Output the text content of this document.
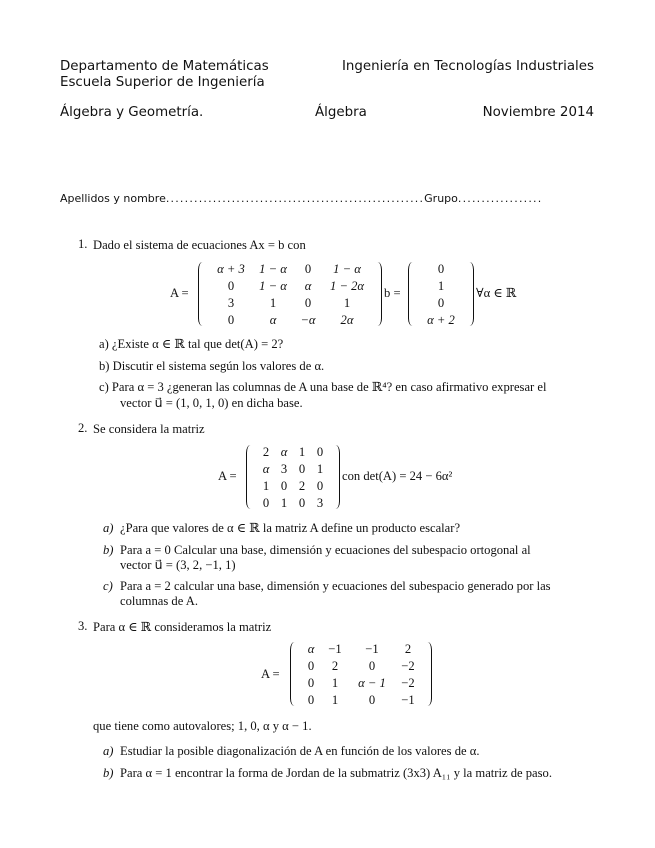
Departamento de Matemáticas	Ingeniería en Tecnologías Industriales
Escuela Superior de Ingeniería
Álgebra y Geometría.	Álgebra	Noviembre 2014
Apellidos y nombre.......................................................Grupo..................
1. Dado el sistema de ecuaciones Ax = b con
A =
α + 3	1 − α	0	1 − α
0	1 − α	α	1 − 2α
3	1	0	1
0	α	−α	2α
b =
0
1
0
α + 2
∀α ∈ ℝ
a) ¿Existe α ∈ ℝ tal que det(A) = 2?
b) Discutir el sistema según los valores de α.
c) Para α = 3 ¿generan las columnas de A una base de ℝ⁴? en caso afirmativo expresar el
vector u⃗ = (1, 0, 1, 0) en dicha base.
2. Se considera la matriz
A =
2 α 1 0
α 3 0 1
1 0 2 0
0 1 0 3
con det(A) = 24 − 6α²
a) ¿Para que valores de α ∈ ℝ la matriz A define un producto escalar?
b) Para a = 0 Calcular una base, dimensión y ecuaciones del subespacio ortogonal al
vector u⃗ = (3, 2, −1, 1)
c) Para a = 2 calcular una base, dimensión y ecuaciones del subespacio generado por las
columnas de A.
3. Para α ∈ ℝ consideramos la matriz
A =
α	−1	−1	2
0	2	0	−2
0	1	α − 1	−2
0	1	0	−1
que tiene como autovalores; 1, 0, α y α − 1.
a) Estudiar la posible diagonalización de A en función de los valores de α.
b) Para α = 1 encontrar la forma de Jordan de la submatriz (3x3) A₁₁ y la matriz de paso.
